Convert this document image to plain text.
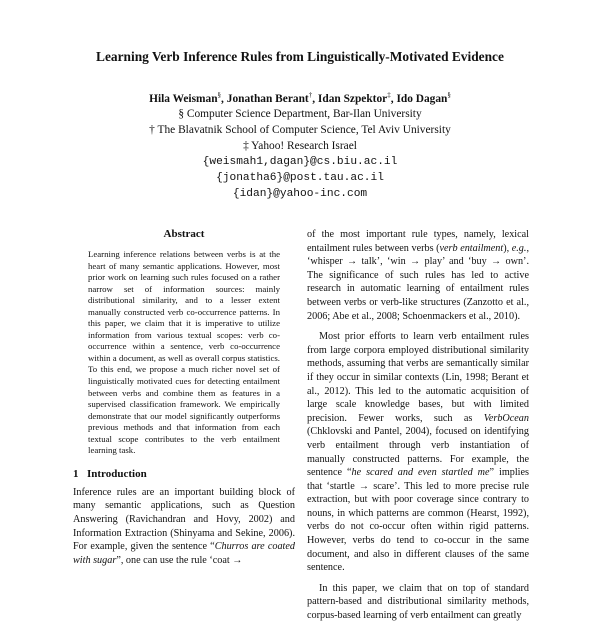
Learning Verb Inference Rules from Linguistically-Motivated Evidence
Hila Weisman§, Jonathan Berant†, Idan Szpektor‡, Ido Dagan§
§ Computer Science Department, Bar-Ilan University
† The Blavatnik School of Computer Science, Tel Aviv University
‡ Yahoo! Research Israel
{weismah1,dagan}@cs.biu.ac.il
{jonatha6}@post.tau.ac.il
{idan}@yahoo-inc.com
Abstract

Learning inference relations between verbs is at the heart of many semantic applications. However, most prior work on learning such rules focused on a rather narrow set of information sources: mainly distributional similarity, and to a lesser extent manually constructed verb co-occurrence patterns. In this paper, we claim that it is imperative to utilize information from various textual scopes: verb co-occurrence within a sentence, verb co-occurrence within a document, as well as overall corpus statistics. To this end, we propose a much richer novel set of linguistically motivated cues for detecting entailment between verbs and combine them as features in a supervised classification framework. We empirically demonstrate that our model significantly outperforms previous methods and that information from each textual scope contributes to the verb entailment learning task.

1 Introduction

Inference rules are an important building block of many semantic applications, such as Question Answering (Ravichandran and Hovy, 2002) and Information Extraction (Shinyama and Sekine, 2006). For example, given the sentence “Churros are coated with sugar”, one can use the rule ‘coat →

of the most important rule types, namely, lexical entailment rules between verbs (verb entailment), e.g., ‘whisper → talk’, ‘win → play’ and ‘buy → own’. The significance of such rules has led to active research in automatic learning of entailment rules between verbs or verb-like structures (Zanzotto et al., 2006; Abe et al., 2008; Schoenmackers et al., 2010).

Most prior efforts to learn verb entailment rules from large corpora employed distributional similarity methods, assuming that verbs are semantically similar if they occur in similar contexts (Lin, 1998; Berant et al., 2012). This led to the automatic acquisition of large scale knowledge bases, but with limited precision. Fewer works, such as VerbOcean (Chklovski and Pantel, 2004), focused on identifying verb entailment through verb instantiation of manually constructed patterns. For example, the sentence “he scared and even startled me” implies that ‘startle → scare’. This led to more precise rule extraction, but with poor coverage since contrary to nouns, in which patterns are common (Hearst, 1992), verbs do not co-occur often within rigid patterns. However, verbs do tend to co-occur in the same document, and also in different clauses of the same sentence.

In this paper, we claim that on top of standard pattern-based and distributional similarity methods, corpus-based learning of verb entailment can greatly
